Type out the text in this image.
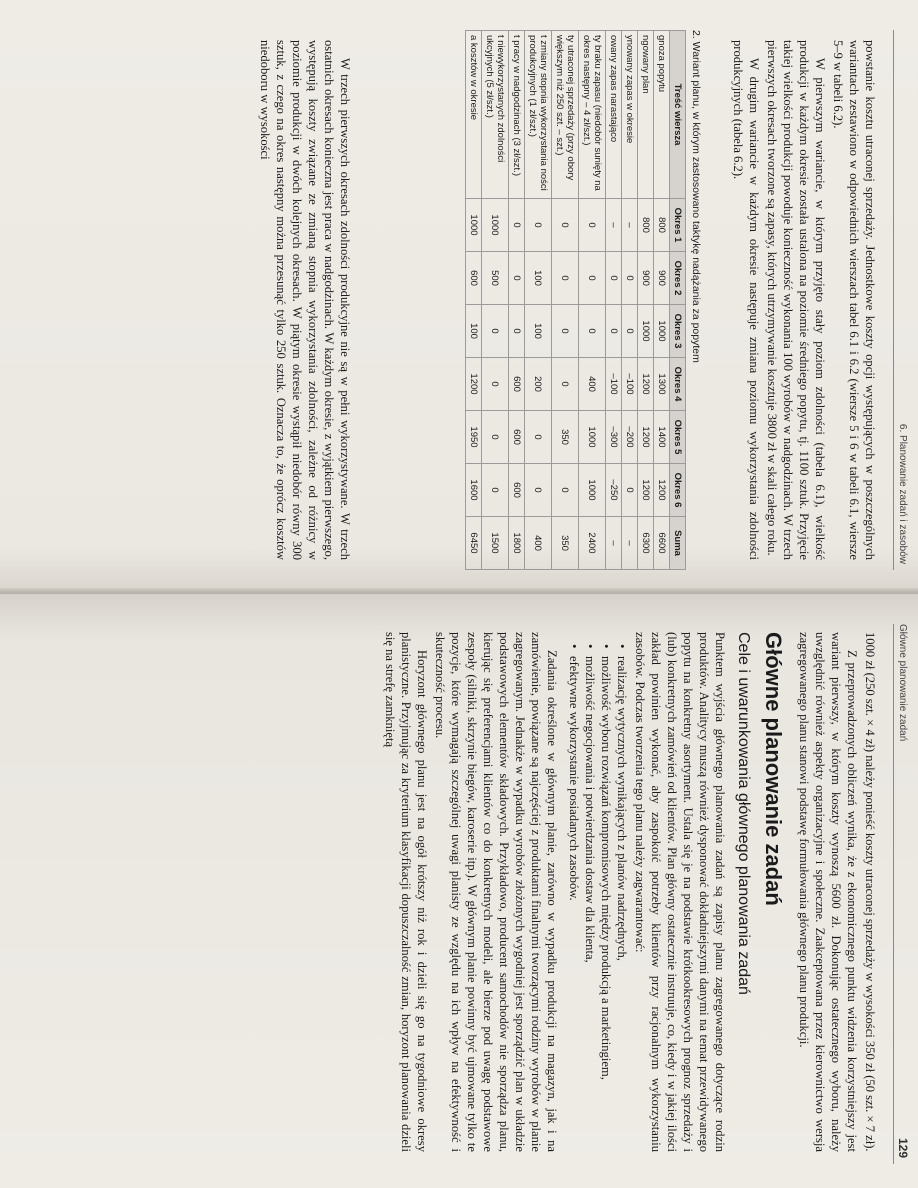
6. Planowanie zadań i zasobów

powstanie kosztu utraconej sprzedaży. Jednostkowe koszty opcji występujących w poszczególnych wariantach zestawiono w odpowiednich wierszach tabel 6.1 i 6.2 (wiersze 5 i 6 w tabeli 6.1, wiersze 5–9 w tabeli 6.2).

W pierwszym wariancie, w którym przyjęto stały poziom zdolności (tabela 6.1), wielkość produkcji w każdym okresie została ustalona na poziomie średniego popytu, tj. 1100 sztuk. Przyjęcie takiej wielkości produkcji powoduje konieczność wykonania 100 wyrobów w nadgodzinach. W trzech pierwszych okresach tworzone są zapasy, których utrzymywanie kosztuje 3800 zł w skali całego roku.

W drugim wariancie w każdym okresie następuje zmiana poziomu wykorzystania zdolności produkcyjnych (tabela 6.2).

2. Wariant planu, w którym zastosowano taktykę nadążania za popytem
Treść wiersza	Okres 1	Okres 2	Okres 3	Okres 4	Okres 5	Okres 6	Suma
gnoza popytu	800	900	1000	1300	1400	1200	6600
ngowany plan	800	900	1000	1200	1200	1200	6300
ynowany zapas w okresie	–	0	0	–100	–200	0	–
owany zapas narastająco	–	0	0	–100	–300	–250	–
ty braku zapasu (niedobór sunięty na okres następny – 4 zł/szt.)	0	0	0	400	1000	1000	2400
ty utraconej sprzedaży (przy obory większym niż 250 szt. – szt.)	0	0	0	0	350	0	350
t zmiany stopnia wykorzystania ności produkcyjnych (1 zł/szt.)	0	100	100	200	0	0	400
t pracy w nadgodzinach (3 zł/szt.)	0	0	0	600	600	600	1800
t niewykorzystanych zdolności ukcyjnych (5 zł/szt.)	1000	500	0	0	0	0	1500
a kosztów w okresie	1000	600	100	1200	1950	1600	6450

W trzech pierwszych okresach zdolności produkcyjne nie są w pełni wykorzystywane. W trzech ostatnich okresach konieczna jest praca w nadgodzinach. W każdym okresie, z wyjątkiem pierwszego, występują koszty związane ze zmianą stopnia wykorzystania zdolności, zależne od różnicy w poziomie produkcji w dwóch kolejnych okresach. W piątym okresie wystąpił niedobór równy 300 sztuk, z czego na okres następny można przesunąć tylko 250 sztuk. Oznacza to, że oprócz kosztów niedoboru w wysokości

Główne planowanie zadań
129

1000 zł (250 szt. × 4 zł) należy ponieść koszty utraconej sprzedaży w wysokości 350 zł (50 szt. × 7 zł).

Z przeprowadzonych obliczeń wynika, że z ekonomicznego punktu widzenia korzystniejszy jest wariant pierwszy, w którym koszty wynoszą 5600 zł. Dokonując ostatecznego wyboru, należy uwzględnić również aspekty organizacyjne i społeczne. Zaakceptowana przez kierownictwo wersja zagregowanego planu stanowi podstawę formułowania głównego planu produkcji.

Główne planowanie zadań
Cele i uwarunkowania głównego planowania zadań

Punktem wyjścia głównego planowania zadań są zapisy planu zagregowanego dotyczące rodzin produktów. Analitycy muszą również dysponować dokładniejszymi danymi na temat przewidywanego popytu na konkretny asortyment. Ustala się je na podstawie krótkookresowych prognoz sprzedaży i (lub) konkretnych zamówień od klientów. Plan główny ostatecznie instruuje, co, kiedy i w jakiej ilości zakład powinien wykonać, aby zaspokoić potrzeby klientów przy racjonalnym wykorzystaniu zasobów. Podczas tworzenia tego planu należy zagwarantować:

• realizację wytycznych wynikających z planów nadrzędnych,
• możliwość wyboru rozwiązań kompromisowych między produkcją a marketingiem,
• możliwość negocjowania i potwierdzania dostaw dla klienta,
• efektywne wykorzystanie posiadanych zasobów.

Zadania określone w głównym planie, zarówno w wypadku produkcji na magazyn, jak i na zamówienie, powiązane są najczęściej z produktami finalnymi tworzącymi rodziny wyrobów w planie zagregowanym. Jednakże w wypadku wyrobów złożonych wygodniej jest sporządzić plan w układzie podstawowych elementów składowych. Przykładowo, producent samochodów nie sporządza planu, kierując się preferencjami klientów co do konkretnych modeli, ale bierze pod uwagę podstawowe zespoły (silniki, skrzynie biegów, karoserie itp.). W głównym planie powinny być ujmowane tylko te pozycje, które wymagają szczególnej uwagi planisty ze względu na ich wpływ na efektywność i skuteczność procesu.

Horyzont głównego planu jest na ogół krótszy niż rok i dzieli się go na tygodniowe okresy planistyczne. Przyjmując za kryterium klasyfikacji dopuszczalność zmian, horyzont planowania dzieli się na strefę zamkniętą
